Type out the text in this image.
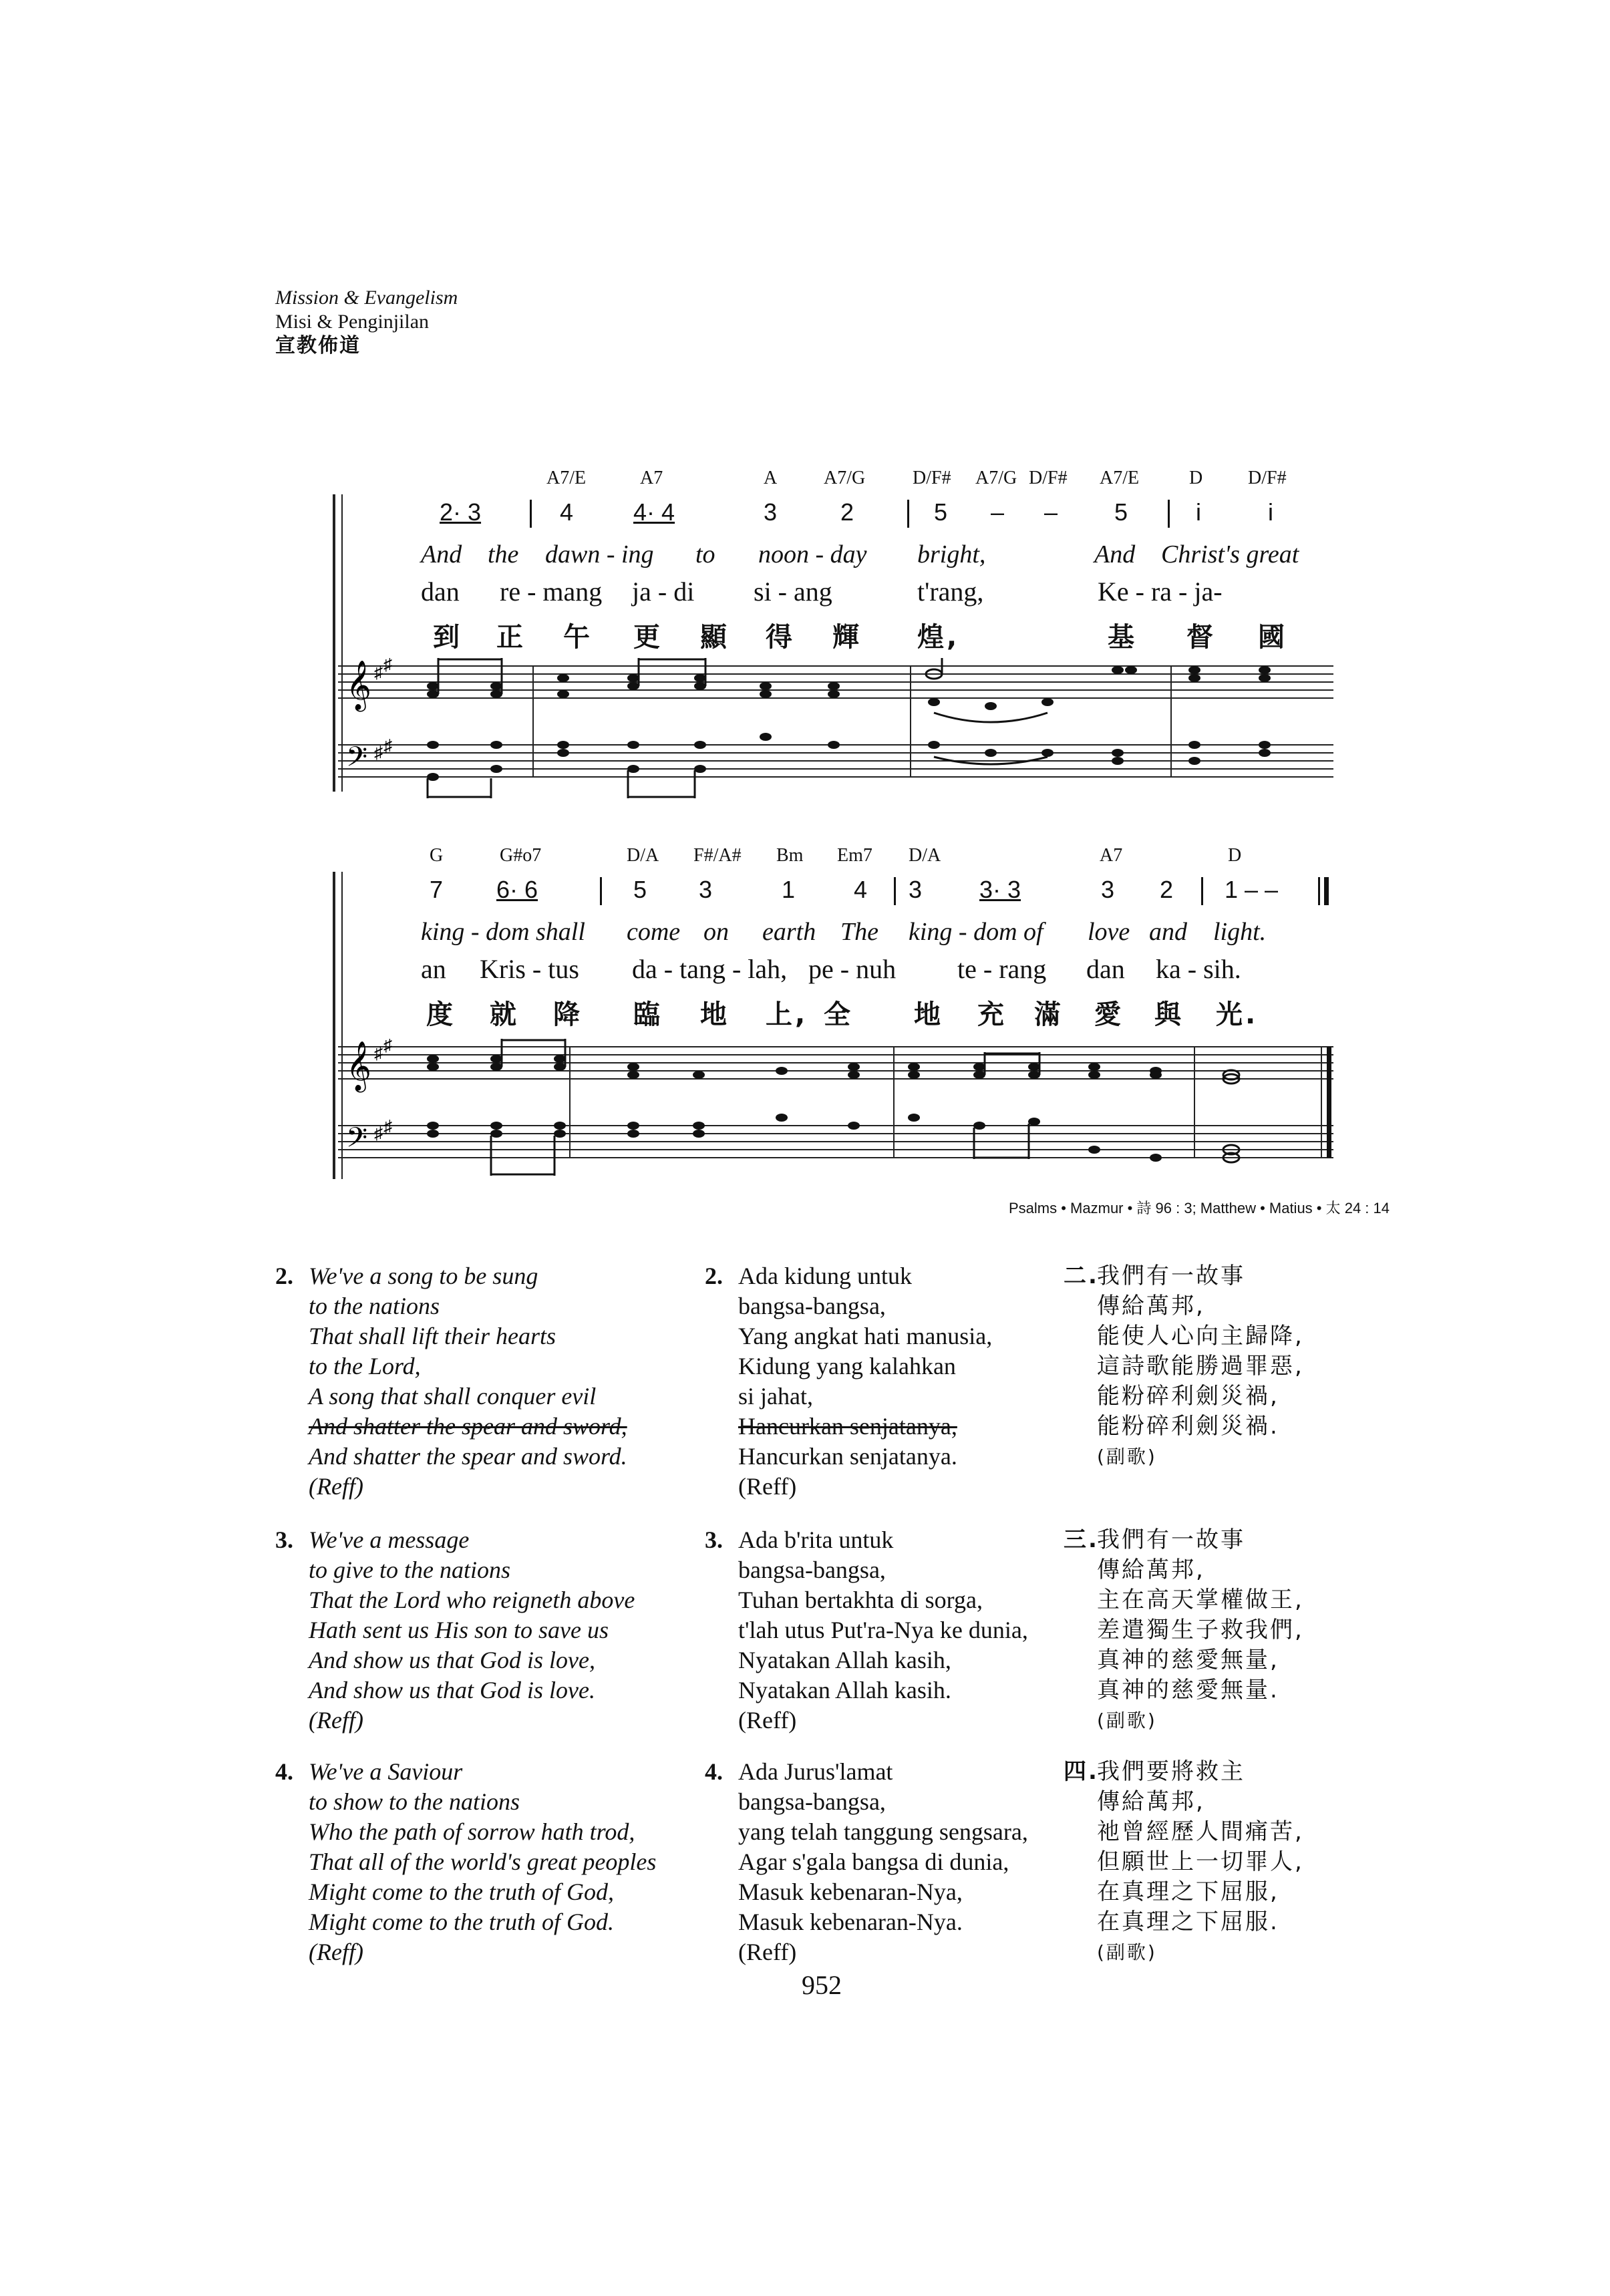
Mission & Evangelism
Misi & Penginjilan
宣教佈道
A7/E	A7	A A7/G	D/F# A7/G D/F# A7/E	D D/F#
2· 3	4 4· 4	3	2	5 – – 5	i	i
And the dawn - ing to noon - day bright,	And Christ's great
dan re - mang ja - di si - ang	t'rang,	Ke - ra - ja-
到 正 午 更 顯 得 輝 煌,	基 督 國
𝄞
𝄢
♯ ♯
♯ ♯
G	G#o7	D/A F#/A# Bm Em7 D/A	A7	D
7 6· 6	5 3	1 4 3 3· 3	3 2 1 – –
king - dom shall come on earth The king - dom of love and light.
an Kris - tus da - tang - lah, pe - nuh te - rang dan ka - sih.
度 就 降 臨 地 上, 全 地 充 滿 愛 與 光.
𝄞
𝄢
♯ ♯
♯ ♯
Psalms • Mazmur • 詩 96 : 3; Matthew • Matius • 太 24 : 14
2. We've a song to be sung
to the nations
That shall lift their hearts
to the Lord,
A song that shall conquer evil
And shatter the spear and sword,
And shatter the spear and sword.
(Reff)
2. Ada kidung untuk
bangsa-bangsa,
Yang angkat hati manusia,
Kidung yang kalahkan
si jahat,
Hancurkan senjatanya,
Hancurkan senjatanya.
(Reff)
二.
我們有一故事
傳給萬邦,
能使人心向主歸降,
這詩歌能勝過罪惡,
能粉碎利劍災禍,
能粉碎利劍災禍.
(副歌)
3. We've a message
to give to the nations
That the Lord who reigneth above
Hath sent us His son to save us
And show us that God is love,
And show us that God is love.
(Reff)
3. Ada b'rita untuk
bangsa-bangsa,
Tuhan bertakhta di sorga,
t'lah utus Put'ra-Nya ke dunia,
Nyatakan Allah kasih,
Nyatakan Allah kasih.
(Reff)
三.
我們有一故事
傳給萬邦,
主在高天掌權做王,
差遣獨生子救我們,
真神的慈愛無量,
真神的慈愛無量.
(副歌)
4. We've a Saviour
to show to the nations
Who the path of sorrow hath trod,
That all of the world's great peoples
Might come to the truth of God,
Might come to the truth of God.
(Reff)
4. Ada Jurus'lamat
bangsa-bangsa,
yang telah tanggung sengsara,
Agar s'gala bangsa di dunia,
Masuk kebenaran-Nya,
Masuk kebenaran-Nya.
(Reff)
四.
我們要將救主
傳給萬邦,
祂曾經歷人間痛苦,
但願世上一切罪人,
在真理之下屈服,
在真理之下屈服.
(副歌)
952
